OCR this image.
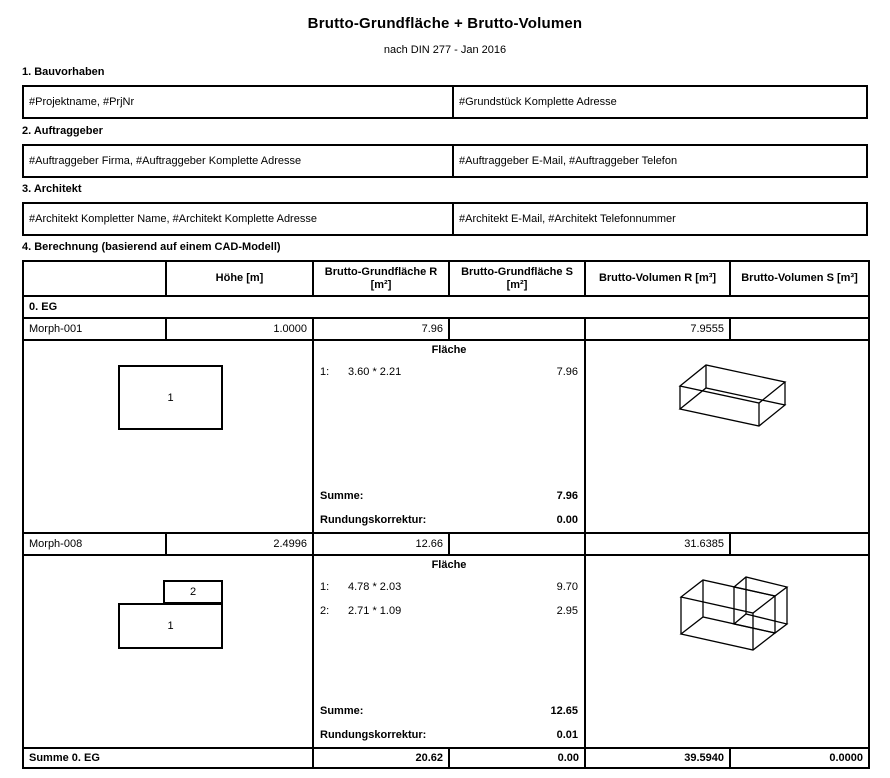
Brutto-Grundfläche + Brutto-Volumen
nach DIN 277 - Jan 2016
1. Bauvorhaben
#Projektname, #PrjNr	#Grundstück Komplette Adresse
2. Auftraggeber
#Auftraggeber Firma, #Auftraggeber Komplette Adresse	#Auftraggeber E-Mail, #Auftraggeber Telefon
3. Architekt
#Architekt Kompletter Name, #Architekt Komplette Adresse	#Architekt E-Mail, #Architekt Telefonnummer
4. Berechnung (basierend auf einem CAD-Modell)
	Höhe [m]	Brutto-Grundfläche R [m²]	Brutto-Grundfläche S [m²]	Brutto-Volumen R [m³]	Brutto-Volumen S [m³]
0. EG					
Morph-001	1.0000	7.96		7.9555	

1

Fläche
1:	3.60 * 2.21	7.96
Summe:	7.96
Rundungskorrektur:	0.00

Morph-008	2.4996	12.66		31.6385	

2
1

Fläche
1:	4.78 * 2.03	9.70
2:	2.71 * 1.09	2.95
Summe:	12.65
Rundungskorrektur:	0.01

Summe 0. EG		20.62	0.00	39.5940	0.0000
